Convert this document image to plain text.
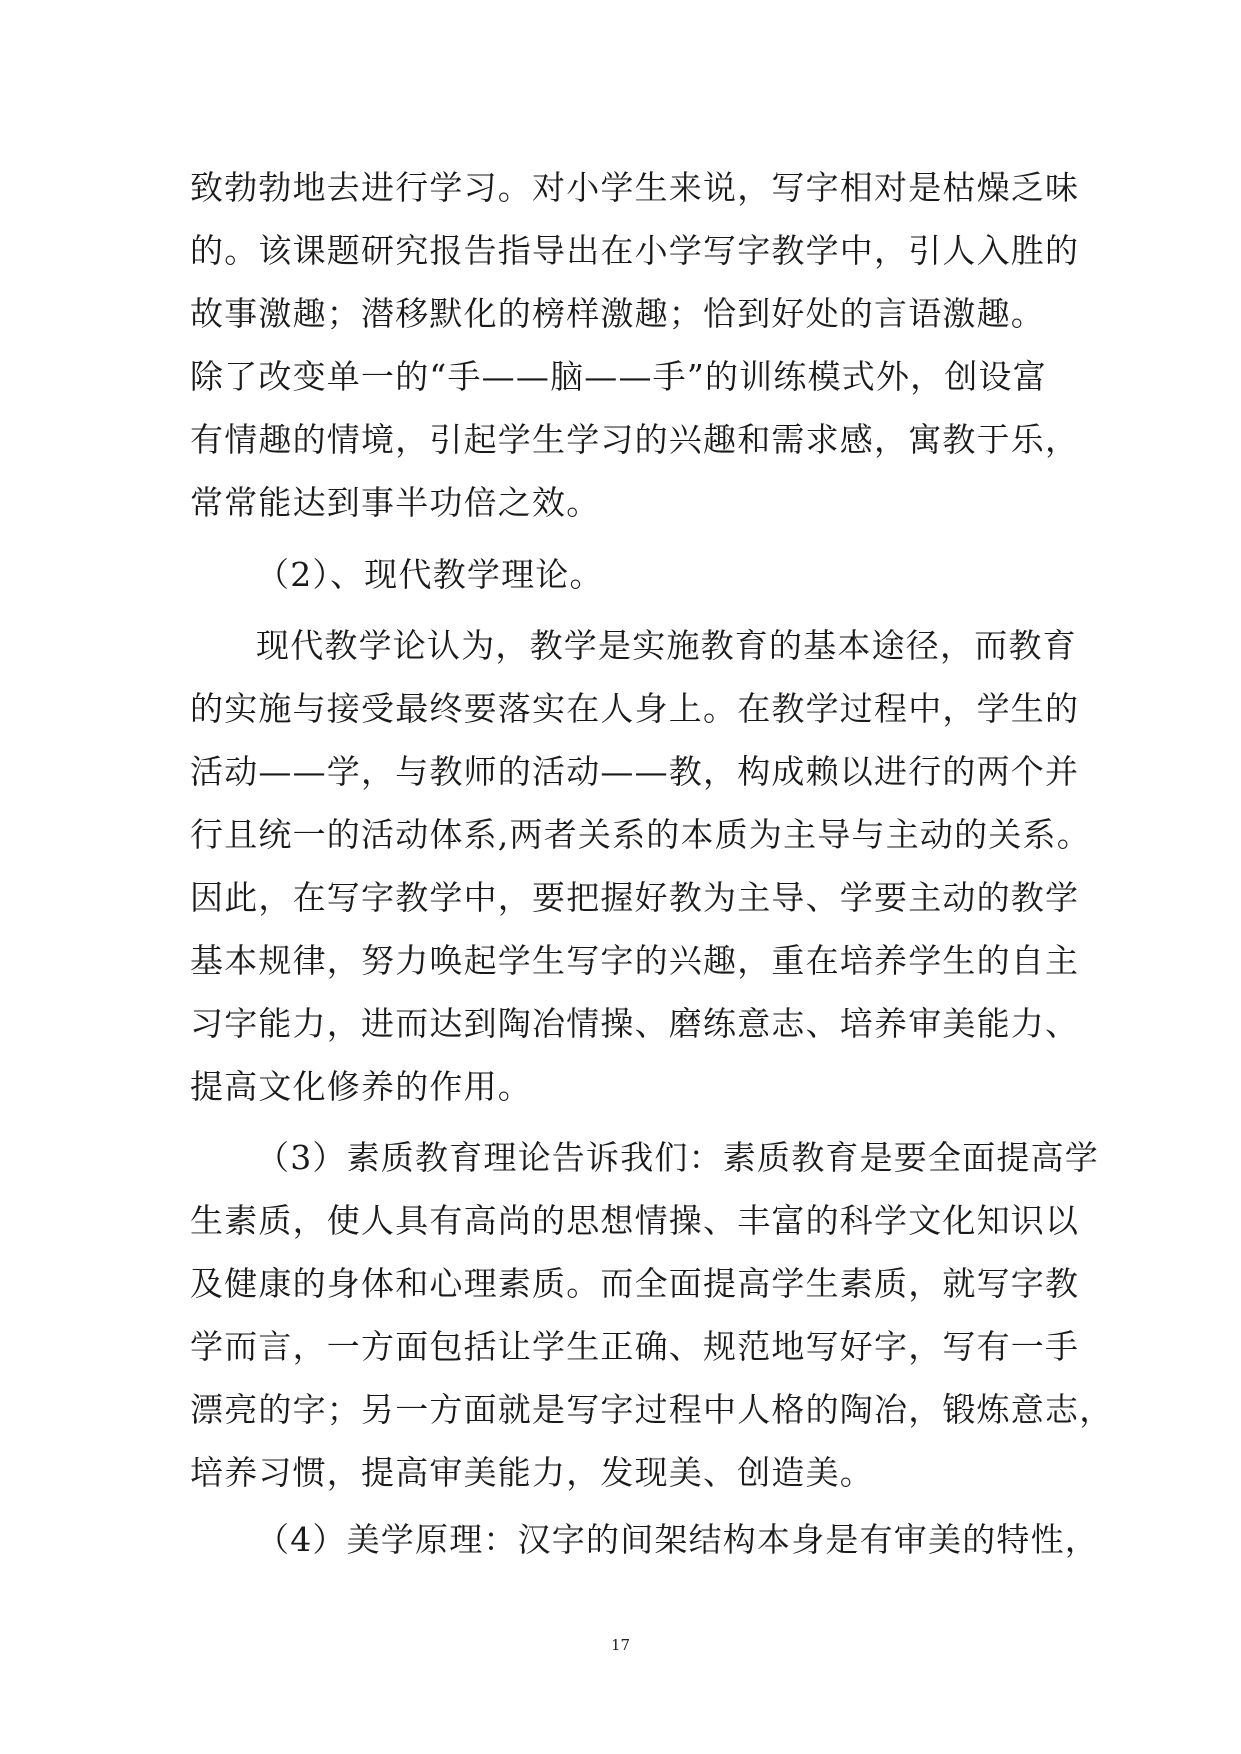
致勃勃地去进行学习。对小学生来说，写字相对是枯燥乏味
的。该课题研究报告指导出在小学写字教学中，引人入胜的
故事激趣；潜移默化的榜样激趣；恰到好处的言语激趣。
除了改变单一的“手——脑——手”的训练模式外，创设富
有情趣的情境，引起学生学习的兴趣和需求感，寓教于乐，
常常能达到事半功倍之效。
（2）、现代教学理论。
现代教学论认为，教学是实施教育的基本途径，而教育
的实施与接受最终要落实在人身上。在教学过程中，学生的
活动——学，与教师的活动——教，构成赖以进行的两个并
行且统一的活动体系,两者关系的本质为主导与主动的关系。
因此，在写字教学中，要把握好教为主导、学要主动的教学
基本规律，努力唤起学生写字的兴趣，重在培养学生的自主
习字能力，进而达到陶冶情操、磨练意志、培养审美能力、
提高文化修养的作用。
（3）素质教育理论告诉我们：素质教育是要全面提高学
生素质，使人具有高尚的思想情操、丰富的科学文化知识以
及健康的身体和心理素质。而全面提高学生素质，就写字教
学而言，一方面包括让学生正确、规范地写好字，写有一手
漂亮的字；另一方面就是写字过程中人格的陶冶，锻炼意志，
培养习惯，提高审美能力，发现美、创造美。
（4）美学原理：汉字的间架结构本身是有审美的特性，
17
